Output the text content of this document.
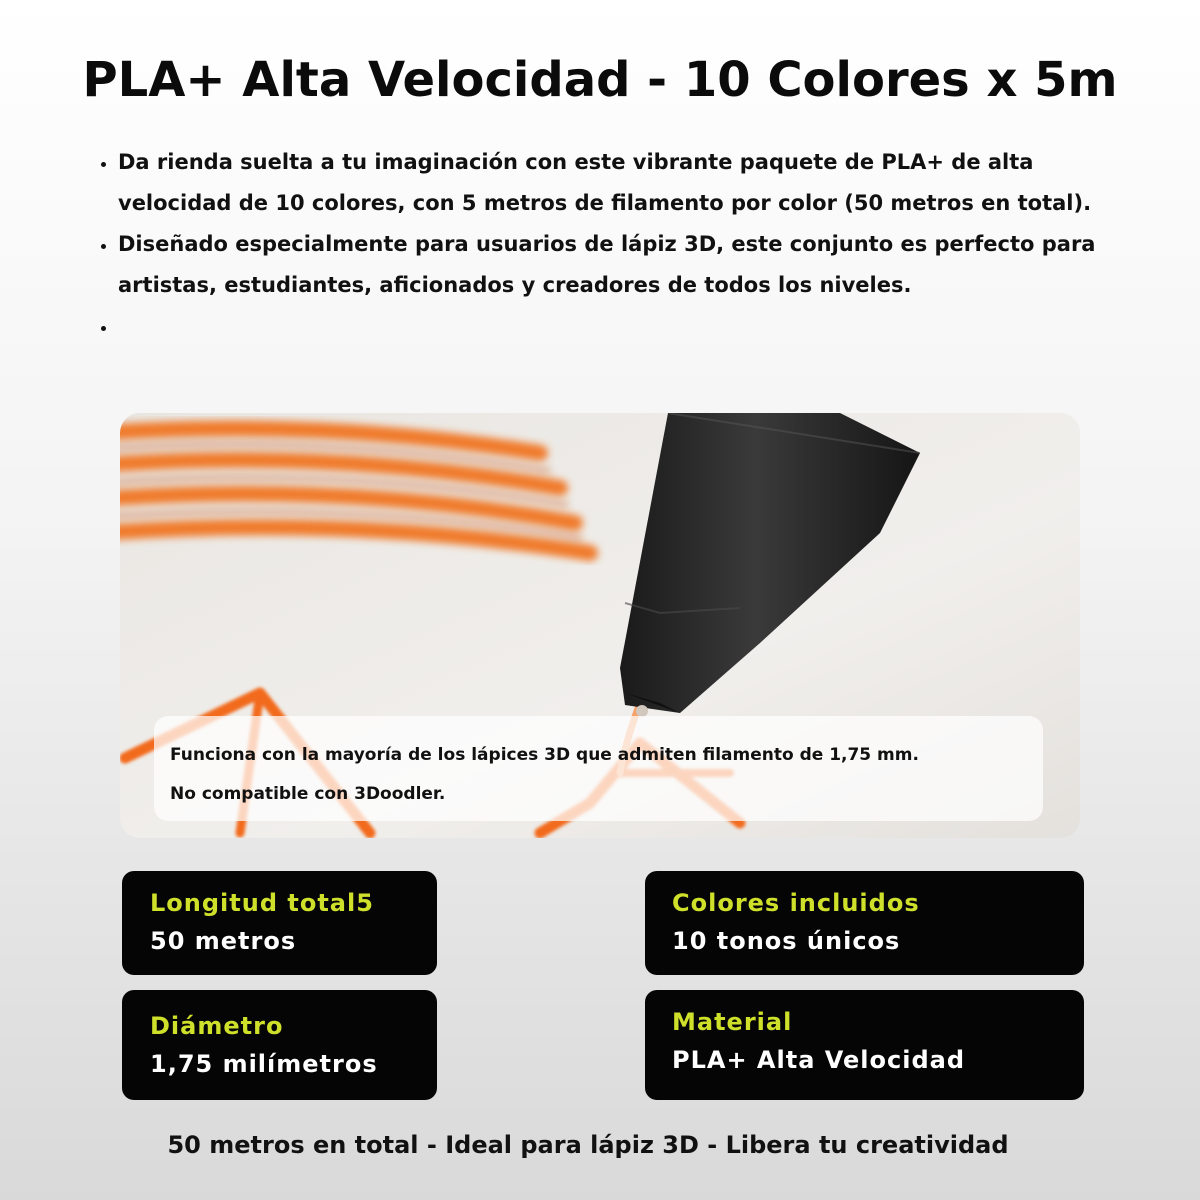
PLA+ Alta Velocidad - 10 Colores x 5m
• Da rienda suelta a tu imaginación con este vibrante paquete de PLA+ de alta velocidad de 10 colores, con 5 metros de filamento por color (50 metros en total).
• Diseñado especialmente para usuarios de lápiz 3D, este conjunto es perfecto para artistas, estudiantes, aficionados y creadores de todos los niveles.
•
Funciona con la mayoría de los lápices 3D que admiten filamento de 1,75 mm.
No compatible con 3Doodler.
Longitud total5
50 metros
Colores incluidos
10 tonos únicos
Diámetro
1,75 milímetros
Material
PLA+ Alta Velocidad
50 metros en total - Ideal para lápiz 3D - Libera tu creatividad
